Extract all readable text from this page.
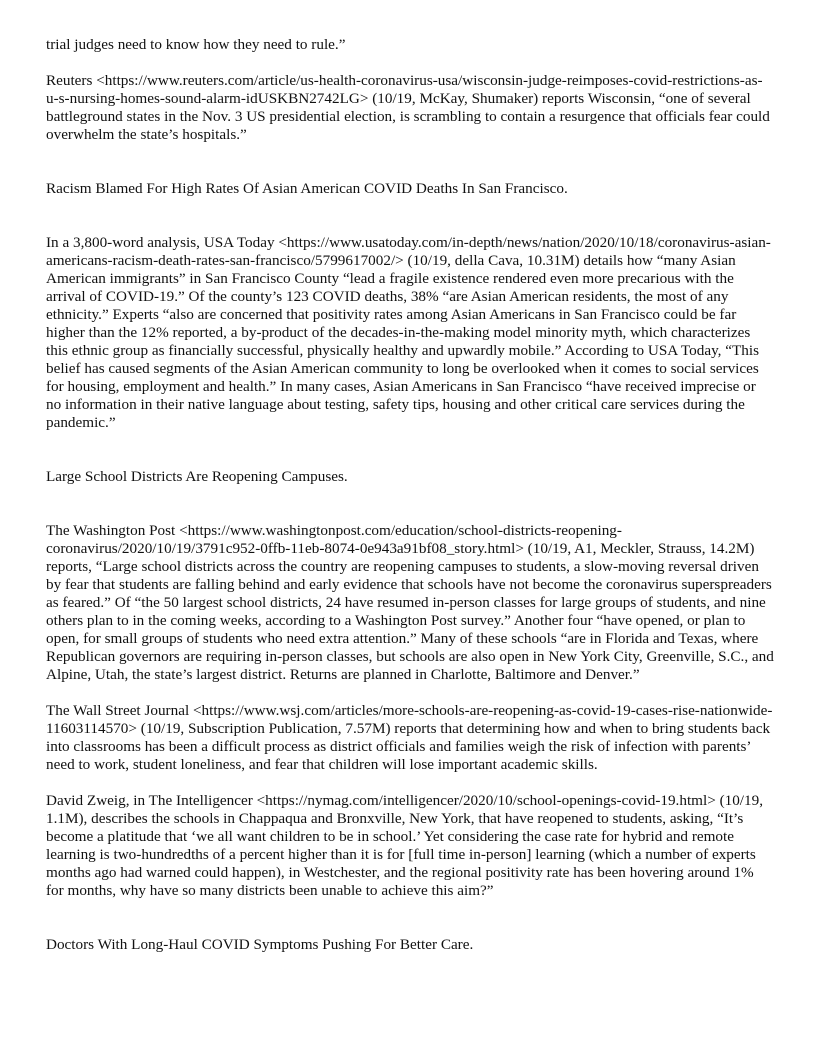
trial judges need to know how they need to rule.”

Reuters <https://www.reuters.com/article/us-health-coronavirus-usa/wisconsin-judge-reimposes-covid-restrictions-as-u-s-nursing-homes-sound-alarm-idUSKBN2742LG> (10/19, McKay, Shumaker) reports Wisconsin, “one of several battleground states in the Nov. 3 US presidential election, is scrambling to contain a resurgence that officials fear could overwhelm the state’s hospitals.”

Racism Blamed For High Rates Of Asian American COVID Deaths In San Francisco.

In a 3,800-word analysis, USA Today <https://www.usatoday.com/in-depth/news/nation/2020/10/18/coronavirus-asian-americans-racism-death-rates-san-francisco/5799617002/> (10/19, della Cava, 10.31M) details how “many Asian American immigrants” in San Francisco County “lead a fragile existence rendered even more precarious with the arrival of COVID-19.” Of the county’s 123 COVID deaths, 38% “are Asian American residents, the most of any ethnicity.” Experts “also are concerned that positivity rates among Asian Americans in San Francisco could be far higher than the 12% reported, a by-product of the decades-in-the-making model minority myth, which characterizes this ethnic group as financially successful, physically healthy and upwardly mobile.” According to USA Today, “This belief has caused segments of the Asian American community to long be overlooked when it comes to social services for housing, employment and health.” In many cases, Asian Americans in San Francisco “have received imprecise or no information in their native language about testing, safety tips, housing and other critical care services during the pandemic.”

Large School Districts Are Reopening Campuses.

The Washington Post <https://www.washingtonpost.com/education/school-districts-reopening-coronavirus/2020/10/19/3791c952-0ffb-11eb-8074-0e943a91bf08_story.html> (10/19, A1, Meckler, Strauss, 14.2M) reports, “Large school districts across the country are reopening campuses to students, a slow-moving reversal driven by fear that students are falling behind and early evidence that schools have not become the coronavirus superspreaders as feared.” Of “the 50 largest school districts, 24 have resumed in-person classes for large groups of students, and nine others plan to in the coming weeks, according to a Washington Post survey.” Another four “have opened, or plan to open, for small groups of students who need extra attention.” Many of these schools “are in Florida and Texas, where Republican governors are requiring in-person classes, but schools are also open in New York City, Greenville, S.C., and Alpine, Utah, the state’s largest district. Returns are planned in Charlotte, Baltimore and Denver.”

The Wall Street Journal <https://www.wsj.com/articles/more-schools-are-reopening-as-covid-19-cases-rise-nationwide-11603114570> (10/19, Subscription Publication, 7.57M) reports that determining how and when to bring students back into classrooms has been a difficult process as district officials and families weigh the risk of infection with parents’ need to work, student loneliness, and fear that children will lose important academic skills.

David Zweig, in The Intelligencer <https://nymag.com/intelligencer/2020/10/school-openings-covid-19.html> (10/19, 1.1M), describes the schools in Chappaqua and Bronxville, New York, that have reopened to students, asking, “It’s become a platitude that ‘we all want children to be in school.’ Yet considering the case rate for hybrid and remote learning is two-hundredths of a percent higher than it is for [full time in-person] learning (which a number of experts months ago had warned could happen), in Westchester, and the regional positivity rate has been hovering around 1% for months, why have so many districts been unable to achieve this aim?”

Doctors With Long-Haul COVID Symptoms Pushing For Better Care.
